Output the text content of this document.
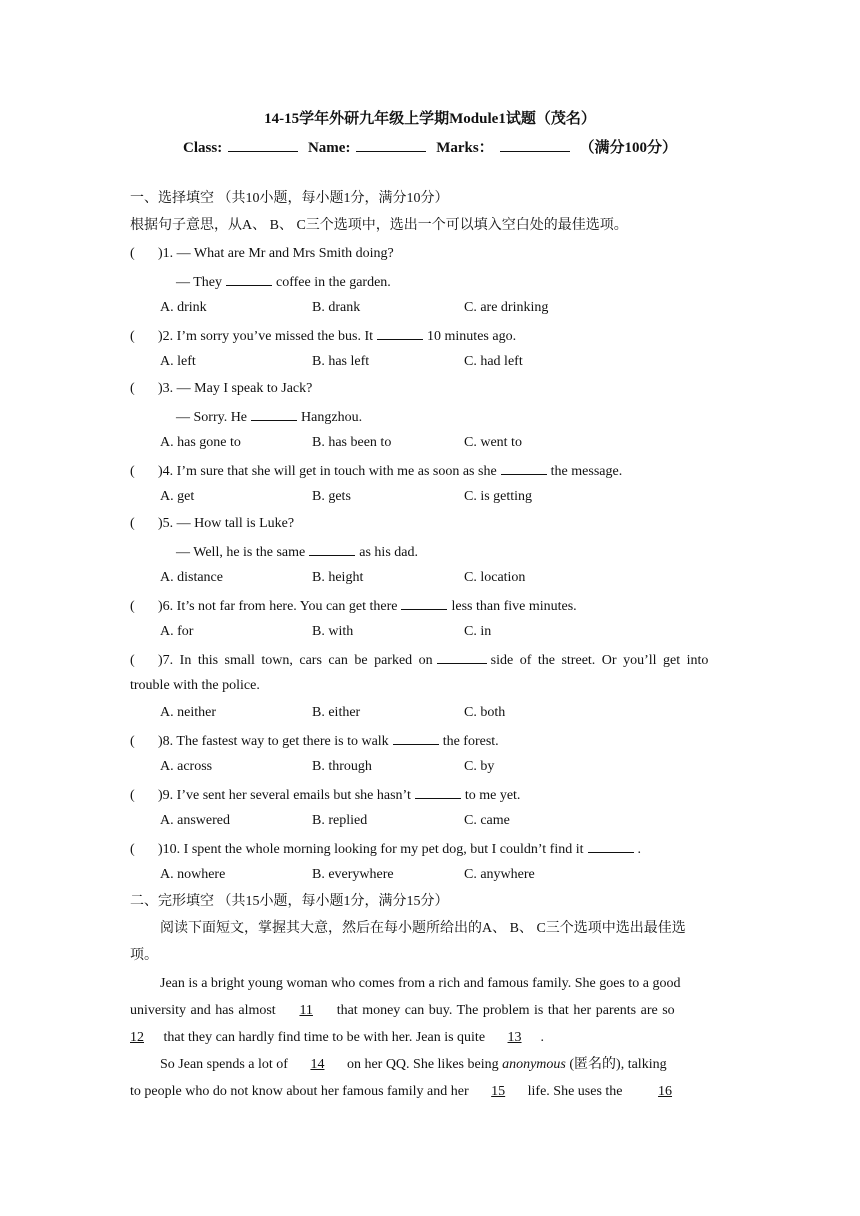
14-15学年外研九年级上学期Module1试题（茂名）
Class:	Name:	Marks：	（满分100分）
一、选择填空 （共10小题，每小题1分，满分10分）
根据句子意思，从A、 B、 C三个选项中，选出一个可以填入空白处的最佳选项。
( )1. — What are Mr and Mrs Smith doing?
— They	coffee in the garden.
A. drink	B. drank	C. are drinking
( )2. I’m sorry you’ve missed the bus. It	10 minutes ago.
A. left	B. has left	C. had left
( )3. — May I speak to Jack?
— Sorry. He	Hangzhou.
A. has gone to	B. has been to	C. went to
( )4. I’m sure that she will get in touch with me as soon as she	the message.
A. get	B. gets	C. is getting
( )5. — How tall is Luke?
— Well, he is the same	as his dad.
A. distance	B. height	C. location
( )6. It’s not far from here. You can get there	less than five minutes.
A. for	B. with	C. in
( )7. In this small town, cars can be parked on	side of the street. Or you’ll get into
trouble with the police.
A. neither	B. either	C. both
( )8. The fastest way to get there is to walk	the forest.
A. across	B. through	C. by
( )9. I’ve sent her several emails but she hasn’t	to me yet.
A. answered	B. replied	C. came
( )10. I spent the whole morning looking for my pet dog, but I couldn’t find it	.
A. nowhere	B. everywhere	C. anywhere
二、完形填空 （共15小题，每小题1分，满分15分）
阅读下面短文，掌握其大意，然后在每小题所给出的A、 B、 C三个选项中选出最佳选
项。
Jean is a bright young woman who comes from a rich and famous family. She goes to a good
university and has almost 11 that money can buy. The problem is that her parents are so
12 that they can hardly find time to be with her. Jean is quite 13 .
So Jean spends a lot of 14 on her QQ. She likes being anonymous (匿名的), talking
to people who do not know about her famous family and her 15 life. She uses the	16
